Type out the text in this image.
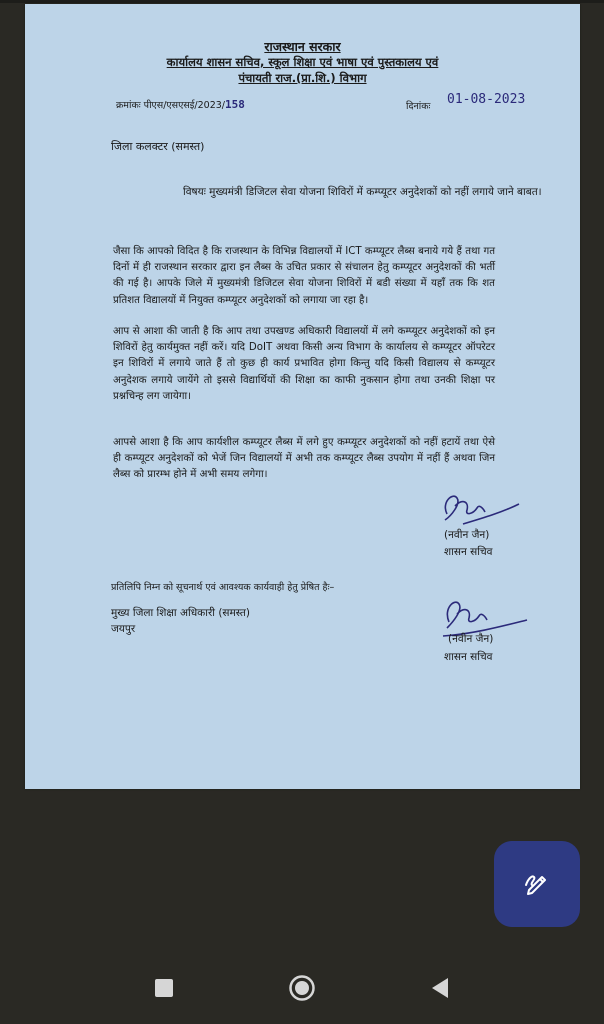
राजस्थान सरकार
कार्यालय शासन सचिव, स्कूल शिक्षा एवं भाषा एवं पुस्तकालय एवं
पंचायती राज.(प्रा.शि.) विभाग
क्रमांकः पीएस/एसएसई/2023/158	दिनांकः 01-08-2023
जिला कलक्टर (समस्त)
विषयः मुख्यमंत्री डिजिटल सेवा योजना शिविरों में कम्प्यूटर अनुदेशकों को नहीं लगाये जाने बाबत।
जैसा कि आपको विदित है कि राजस्थान के विभिन्न विद्यालयों में ICT कम्प्यूटर लैब्स बनाये गये हैं तथा गत दिनों में ही राजस्थान सरकार द्वारा इन लैब्स के उचित प्रकार से संचालन हेतु कम्प्यूटर अनुदेशकों की भर्ती की गई है। आपके जिले में मुख्यमंत्री डिजिटल सेवा योजना शिविरों में बडी संख्या में यहाँ तक कि शत प्रतिशत विद्यालयों में नियुक्त कम्प्यूटर अनुदेशकों को लगाया जा रहा है।
आप से आशा की जाती है कि आप तथा उपखण्ड अधिकारी विद्यालयों में लगे कम्प्यूटर अनुदेशकों को इन शिविरों हेतु कार्यमुक्त नहीं करें। यदि DoIT अथवा किसी अन्य विभाग के कार्यालय से कम्प्यूटर ऑपरेटर इन शिविरों में लगाये जाते हैं तो कुछ ही कार्य प्रभावित होगा किन्तु यदि किसी विद्यालय से कम्प्यूटर अनुदेशक लगाये जायेंगे तो इससे विद्यार्थियों की शिक्षा का काफी नुकसान होगा तथा उनकी शिक्षा पर प्रश्नचिन्ह लग जायेगा।
आपसे आशा है कि आप कार्यशील कम्प्यूटर लैब्स में लगे हुए कम्प्यूटर अनुदेशकों को नहीं हटायें तथा ऐसे ही कम्प्यूटर अनुदेशकों को भेजें जिन विद्यालयों में अभी तक कम्प्यूटर लैब्स उपयोग में नहीं हैं अथवा जिन लैब्स को प्रारम्भ होने में अभी समय लगेगा।
(नवीन जैन)
शासन सचिव
प्रतिलिपि निम्न को सूचनार्थ एवं आवश्यक कार्यवाही हेतु प्रेषित हैः–
मुख्य जिला शिक्षा अधिकारी (समस्त)
जयपुर
(नवीन जैन)
शासन सचिव
